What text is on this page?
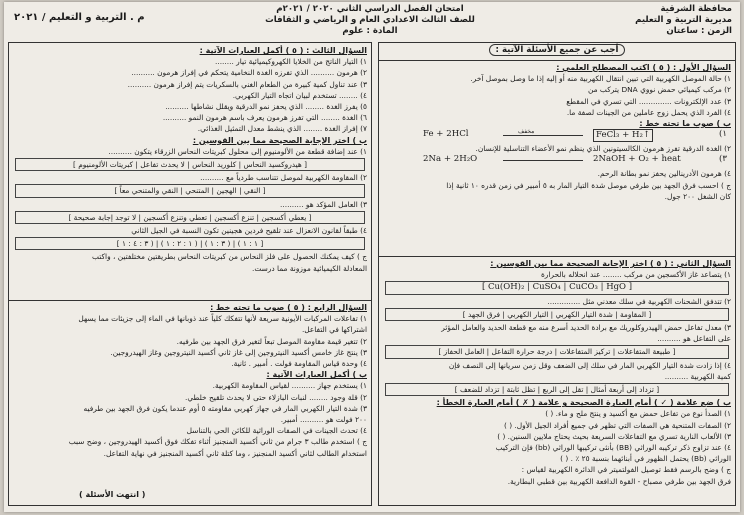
محافظة الشرقية
مديرية التربية و التعليم
الزمن : ساعتان
امتحان الفصل الدراسي الثاني ٢٠٢٠ / ٢٠٢١م
للصف الثالث الاعدادي العام و الرياضي و الثقافات
المادة : علوم
م . التربية و التعليم / ٢٠٢١
أجب عن جميع الأسئلة الآتية :
السؤال الأول : ( ٥ ) اكتب المصطلح العلمي :
١) حالة الموصل الكهربية التي تبين انتقال الكهربية منه أو إليه إذا ما وصل بموصل آخر.
٢) مركب كيميائي حمض نووي DNA يتركب من
٣) عدد الإلكترونات .............. التي تسري في المقطع
٤) الفرد الذي يحمل زوج عاملين من الجينات لصفة ما.
ب ) صوب ما تحته خط :
Fe + 2HCl	مخفف	FeCl₃ + H₂↑	١)
٢) الغدة الدرقية تفرز هرمون الكالسيتونين الذي ينظم نمو الأعضاء التناسلية للإنسان.
2Na + 2H₂O	2NaOH + O₂ + heat	٣)
٤) هرمون الأدرينالين يحفز نمو بطانة الرحم.
ج ) احسب فرق الجهد بين طرفي موصل شدة التيار المار به ٥ أمبير في زمن قدره ١٠ ثانية إذا
كان الشغل ٢٠٠ جول.
السؤال الثاني : ( ٥ ) اختر الإجابة الصحيحة مما بين القوسين :
١) يتصاعد غاز الأكسجين من مركب ........ عند انحلاله بالحرارة
[ Cu(OH)₂ | CuSO₄ | CuCO₃ | HgO ]
٢) تتدفق الشحنات الكهربية في سلك معدني مثل ..............
[ المقاومة | شدة التيار الكهربي | التيار الكهربي | فرق الجهد ]
٣) معدل تفاعل حمض الهيدروكلوريك مع برادة الحديد أسرع منه مع قطعة الحديد والعامل المؤثر
على التفاعل هو ..........
[ طبيعة المتفاعلات | تركيز المتفاعلات | درجة حرارة التفاعل | العامل الحفاز ]
٤) إذا زادت شدة التيار الكهربي المار في سلك إلى الضعف وقل زمن سريانها إلى النصف فإن
كمية الكهربية ..........
[ تزداد إلى أربعة أمثال | تقل إلى الربع | تظل ثابتة | تزداد للضعف ]
ب ) ضع علامة ( ✓ ) أمام العبارة الصحيحة و علامة ( ✗ ) أمام العبارة الخطأ :
١) الصدأ نوع من تفاعل حمض مع أكسيد و ينتج ملح و ماء. ( )
٢) الصفات المتنحية هي الصفات التي تظهر في جميع أفراد الجيل الأول. ( )
٣) الألعاب النارية تسري مع التفاعلات السريعة بحيث يحتاج ملايين السنين. ( )
٤) عند تزاوج ذكر تركيبه الوراثي (BB) بأنثى تركيبها الوراثي (bb) فإن التركيب
الوراثي (Bb) يحتمل الظهور في أبنائهما بنسبة ٢٥ ٪ . ( )
ج ) وضح بالرسم فقط توصيل الفولتميتر في الدائرة الكهربية لقياس :
فرق الجهد بين طرفي مصباح - القوة الدافعة الكهربية بين قطبي البطارية.
السؤال الثالث : ( ٥ ) أكمل العبارات الآتية :
١) التيار الناتج من الخلايا الكهروكيميائية تيار ........
٢) هرمون .......... الذي تفرزه الغدة النخامية يتحكم في إفراز هرمون ..........
٣) عند تناول كمية كبيرة من الطعام الغني بالسكريات يتم إفراز هرمون ..........
٤) ........ تستخدم لبيان اتجاه التيار الكهربي.
٥) يفرز الغدة ........ الذي يحفز نمو الدرقية ويقلل نشاطها ..........
٦) الغدة ........ التي تفرز هرمون يعرف باسم هرمون النمو ..........
٧) إفراز الغدة ........ الذي ينشط معدل التمثيل الغذائي.
ب ) اختر الإجابة الصحيحة مما بين القوسين :
١) عند إضافة قطعة من الألومنيوم إلى محلول كبريتات النحاس الزرقاء يتكون ..........
[ هيدروكسيد النحاس | كلوريد النحاس | لا يحدث تفاعل | كبريتات الألومنيوم ]
٢) المقاومة الكهربية لموصل تتناسب طردياً مع ..........
[ النقي | الهجين | المتنحي | النقي والمتنحي معاً ]
٣) العامل المؤكد هو ..........
[ يعطي أكسجين | تنزع أكسجين | تعطي وتنزع أكسجين | لا توجد إجابة صحيحة ]
٤) طبقاً لقانون الانعزال عند تلقيح فردين هجينين تكون النسبة في الجيل الثاني
[ ١ : ١ ) | ( ٣ : ١ ) | ( ١ : ٢ : ١ ) | ( ٣ : ٤ : ١ ]
ج ) كيف يمكنك الحصول على فلز النحاس من كبريتات النحاس بطريقتين مختلفتين ، واكتب
المعادلة الكيميائية موزونة مما درست.
السؤال الرابع : ( ٥ ) صوب ما تحته خط :
١) تفاعلات المركبات الأيونية سريعة لأنها تتفكك كلياً عند ذوبانها في الماء إلى جزيئات مما يسهل
اشتراكها في التفاعل.
٢) تتغير قيمة مقاومة الموصل تبعاً لتغير فرق الجهد بين طرفيه.
٣) ينتج غاز خامس أكسيد النيتروجين إلى غاز ثاني أكسيد النيتروجين وغاز الهيدروجين.
٤) وحدة قياس المقاومة فولت . أمبير . ثانية.
ب ) أكمل العبارات الآتية :
١) يستخدم جهاز .......... لقياس المقاومة الكهربية.
٢) قلة وجود ........ لنبات البازلاء حتى لا يحدث تلقيح خلطي.
٣) شدة التيار الكهربي المار في جهاز كهربي مقاومته ٥ أوم عندما يكون فرق الجهد بين طرفيه
٢٠٠ فولت هو .......... أمبير.
٤) تحدث الجينات في الصفات الوراثية للكائن الحي بالتناسل
ج ) استخدم طالب ٣ جرام من ثاني أكسيد المنجنيز أثناء تفكك فوق أكسيد الهيدروجين ، وضح سبب
استخدام الطالب لثاني أكسيد المنجنيز ، وما كتلة ثاني أكسيد المنجنيز في نهاية التفاعل.
( انتهت الأسئلة )
